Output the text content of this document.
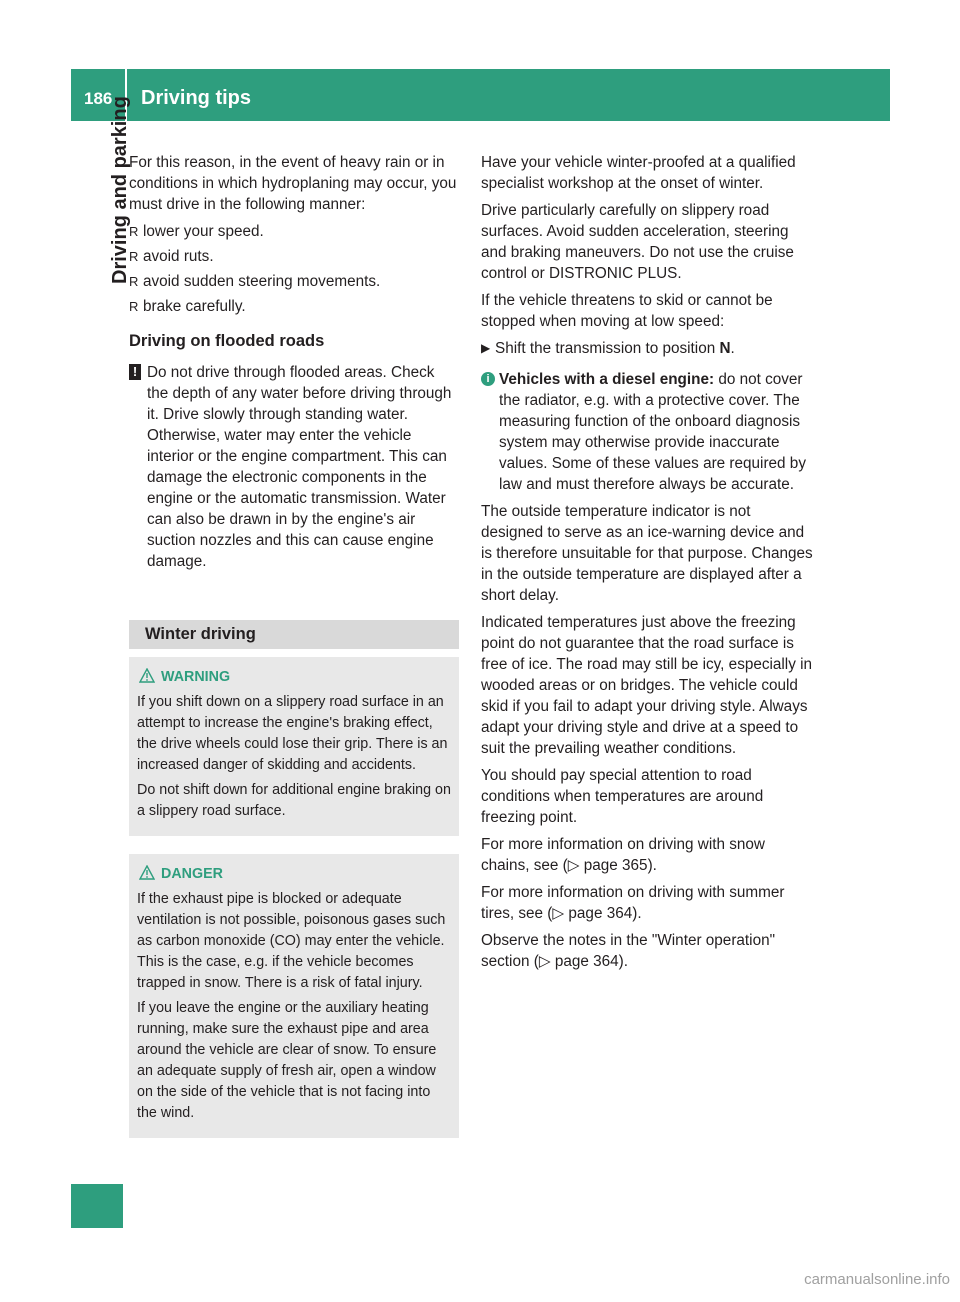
186 Driving tips
Driving and parking

For this reason, in the event of heavy rain or in conditions in which hydroplaning may occur, you must drive in the following manner:

R lower your speed.
R avoid ruts.
R avoid sudden steering movements.
R brake carefully.
Driving on flooded roads
! Do not drive through flooded areas. Check the depth of any water before driving through it. Drive slowly through standing water. Otherwise, water may enter the vehicle interior or the engine compartment. This can damage the electronic components in the engine or the automatic transmission. Water can also be drawn in by the engine's air suction nozzles and this can cause engine damage.
Winter driving
WARNING

If you shift down on a slippery road surface in an attempt to increase the engine's braking effect, the drive wheels could lose their grip. There is an increased danger of skidding and accidents.

Do not shift down for additional engine braking on a slippery road surface.

DANGER

If the exhaust pipe is blocked or adequate ventilation is not possible, poisonous gases such as carbon monoxide (CO) may enter the vehicle. This is the case, e.g. if the vehicle becomes trapped in snow. There is a risk of fatal injury.

If you leave the engine or the auxiliary heating running, make sure the exhaust pipe and area around the vehicle are clear of snow. To ensure an adequate supply of fresh air, open a window on the side of the vehicle that is not facing into the wind.

Have your vehicle winter-proofed at a qualified specialist workshop at the onset of winter.

Drive particularly carefully on slippery road surfaces. Avoid sudden acceleration, steering and braking maneuvers. Do not use the cruise control or DISTRONIC PLUS.

If the vehicle threatens to skid or cannot be stopped when moving at low speed:

▶ Shift the transmission to position N.
i Vehicles with a diesel engine: do not cover the radiator, e.g. with a protective cover. The measuring function of the onboard diagnosis system may otherwise provide inaccurate values. Some of these values are required by law and must therefore always be accurate.

The outside temperature indicator is not designed to serve as an ice-warning device and is therefore unsuitable for that purpose. Changes in the outside temperature are displayed after a short delay.

Indicated temperatures just above the freezing point do not guarantee that the road surface is free of ice. The road may still be icy, especially in wooded areas or on bridges. The vehicle could skid if you fail to adapt your driving style. Always adapt your driving style and drive at a speed to suit the prevailing weather conditions.

You should pay special attention to road conditions when temperatures are around freezing point.

For more information on driving with snow chains, see (▷ page 365).

For more information on driving with summer tires, see (▷ page 364).

Observe the notes in the "Winter operation" section (▷ page 364).

carmanualsonline.info
